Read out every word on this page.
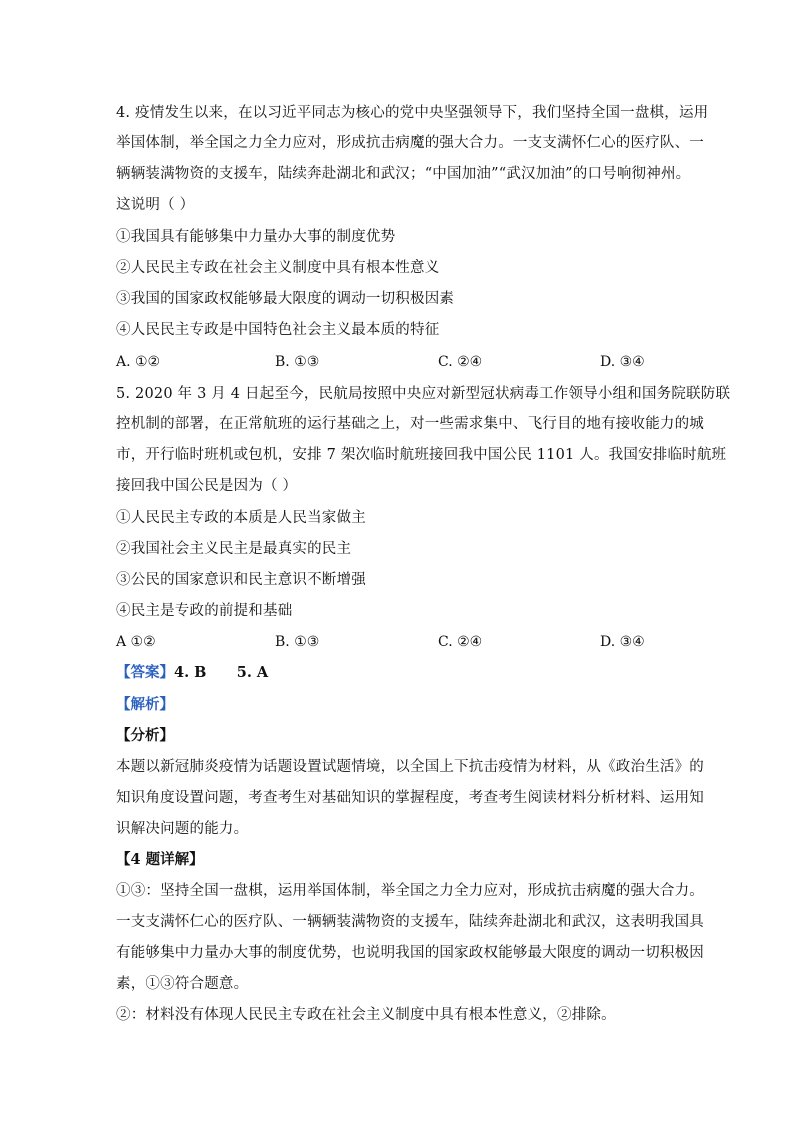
4. 疫情发生以来，在以习近平同志为核心的党中央坚强领导下，我们坚持全国一盘棋，运用
举国体制，举全国之力全力应对，形成抗击病魔的强大合力。一支支满怀仁心的医疗队、一
辆辆装满物资的支援车，陆续奔赴湖北和武汉；“中国加油”“武汉加油”的口号响彻神州。
这说明（ ）
①我国具有能够集中力量办大事的制度优势
②人民民主专政在社会主义制度中具有根本性意义
③我国的国家政权能够最大限度的调动一切积极因素
④人民民主专政是中国特色社会主义最本质的特征
A. ①②	B. ①③	C. ②④	D. ③④
5. 2020 年 3 月 4 日起至今，民航局按照中央应对新型冠状病毒工作领导小组和国务院联防联
控机制的部署，在正常航班的运行基础之上，对一些需求集中、飞行目的地有接收能力的城
市，开行临时班机或包机，安排 7 架次临时航班接回我中国公民 1101 人。我国安排临时航班
接回我中国公民是因为（ ）
①人民民主专政的本质是人民当家做主
②我国社会主义民主是最真实的民主
③公民的国家意识和民主意识不断增强
④民主是专政的前提和基础
A ①②	B. ①③	C. ②④	D. ③④
【答案】4. B      5. A
【解析】
【分析】
本题以新冠肺炎疫情为话题设置试题情境，以全国上下抗击疫情为材料，从《政治生活》的
知识角度设置问题，考查考生对基础知识的掌握程度，考查考生阅读材料分析材料、运用知
识解决问题的能力。
【4 题详解】
①③：坚持全国一盘棋，运用举国体制，举全国之力全力应对，形成抗击病魔的强大合力。
一支支满怀仁心的医疗队、一辆辆装满物资的支援车，陆续奔赴湖北和武汉，这表明我国具
有能够集中力量办大事的制度优势，也说明我国的国家政权能够最大限度的调动一切积极因
素，①③符合题意。
②：材料没有体现人民民主专政在社会主义制度中具有根本性意义，②排除。
